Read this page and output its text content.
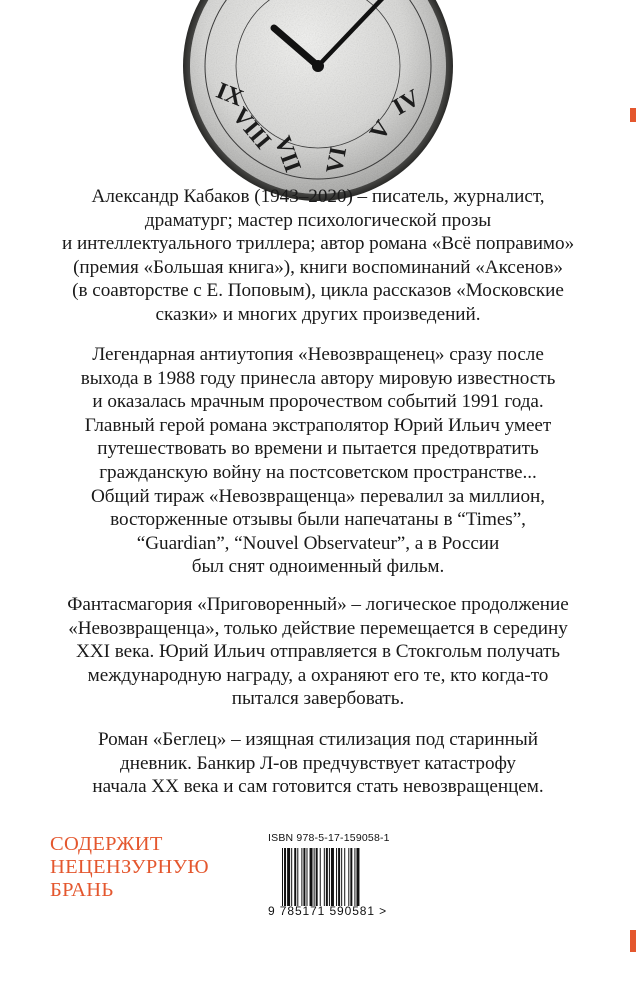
IV
V
VI
VII
VIII
IX

Александр Кабаков (1943–2020) – писатель, журналист,
драматург; мастер психологической прозы
и интеллектуального триллера; автор романа «Всё поправимо»
(премия «Большая книга»), книги воспоминаний «Аксенов»
(в соавторстве с Е. Поповым), цикла рассказов «Московские
сказки» и многих других произведений.

Легендарная антиутопия «Невозвращенец» сразу после
выхода в 1988 году принесла автору мировую известность
и оказалась мрачным пророчеством событий 1991 года.
Главный герой романа экстраполятор Юрий Ильич умеет
путешествовать во времени и пытается предотвратить
гражданскую войну на постсоветском пространстве...
Общий тираж «Невозвращенца» перевалил за миллион,
восторженные отзывы были напечатаны в “Times”,
“Guardian”, “Nouvel Observateur”, а в России
был снят одноименный фильм.

Фантасмагория «Приговоренный» – логическое продолжение
«Невозвращенца», только действие перемещается в середину
XXI века. Юрий Ильич отправляется в Стокгольм получать
международную награду, а охраняют его те, кто когда-то
пытался завербовать.

Роман «Беглец» – изящная стилизация под старинный
дневник. Банкир Л-ов предчувствует катастрофу
начала XX века и сам готовится стать невозвращенцем.

СОДЕРЖИТ
НЕЦЕНЗУРНУЮ
БРАНЬ
ISBN 978-5-17-159058-1
9 785171 590581 >
